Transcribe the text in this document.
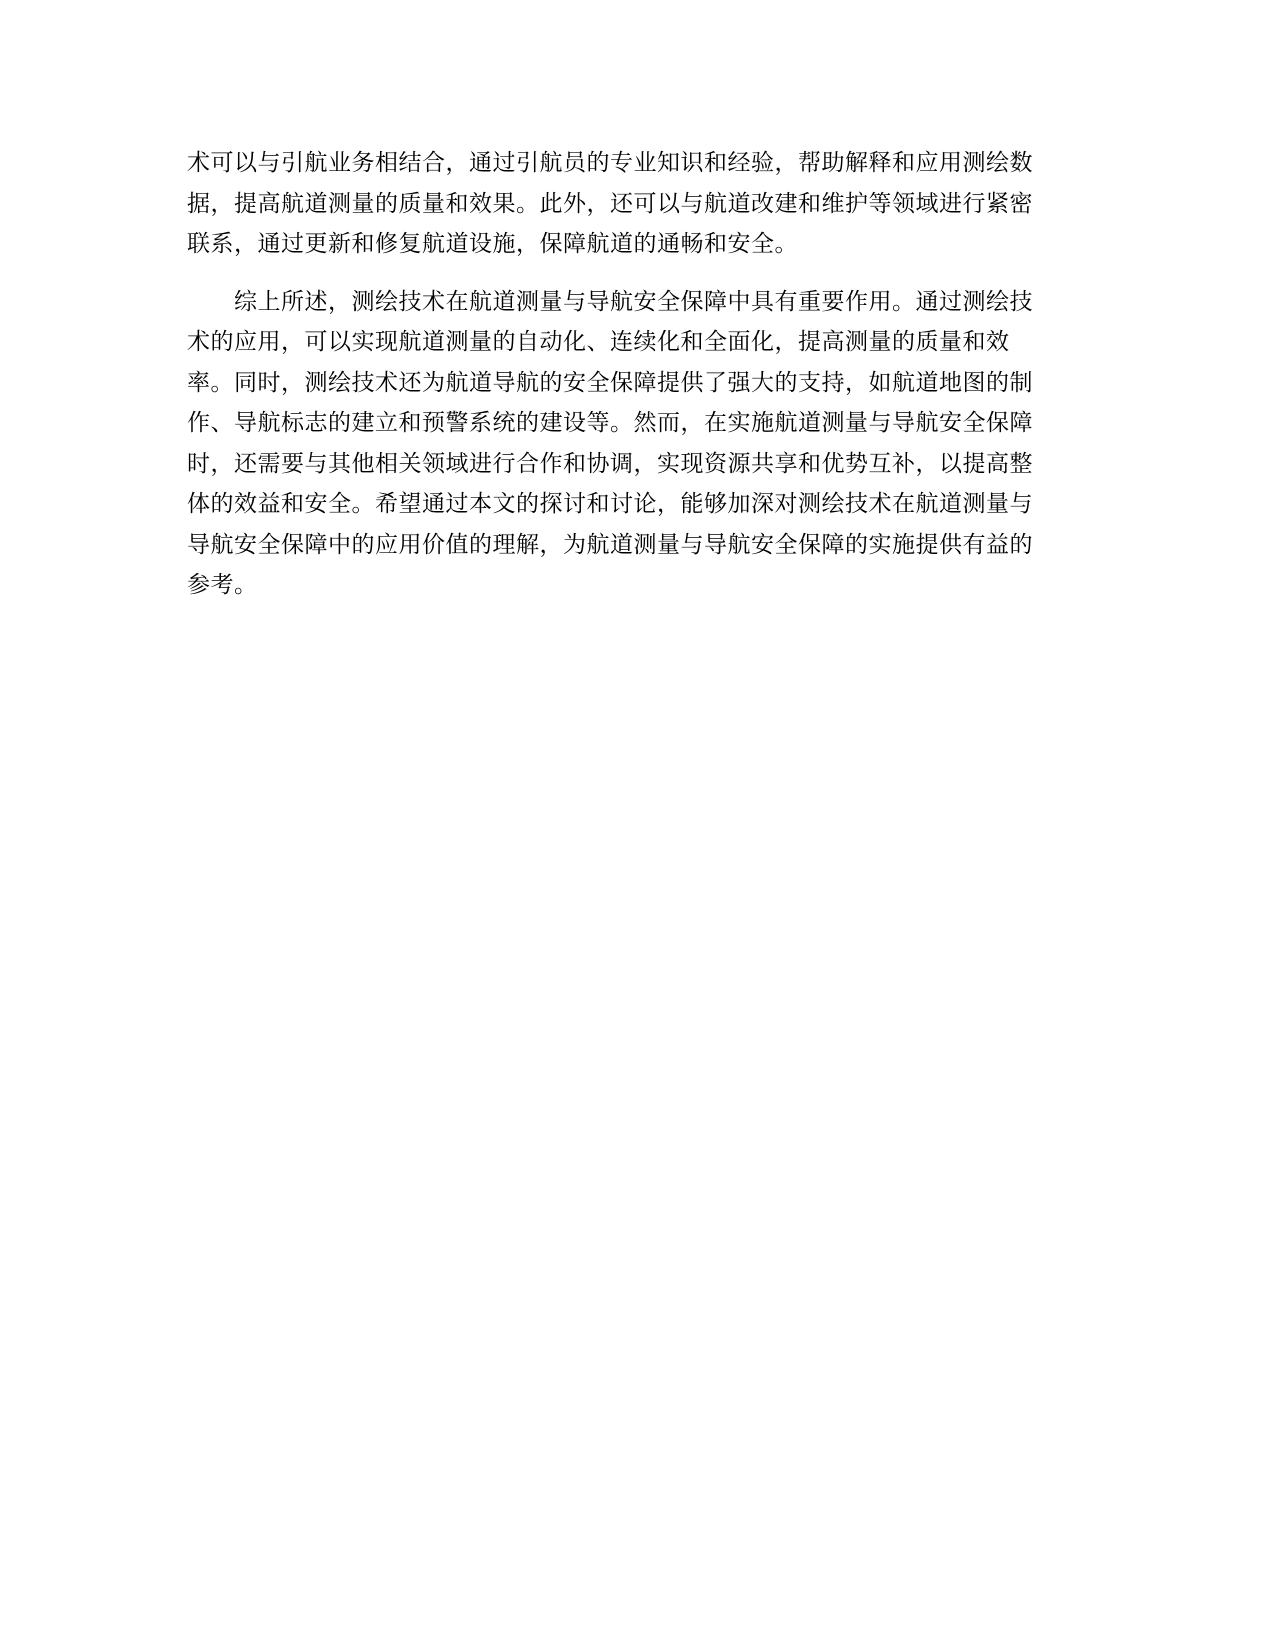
术可以与引航业务相结合，通过引航员的专业知识和经验，帮助解释和应用测绘数
据，提高航道测量的质量和效果。此外，还可以与航道改建和维护等领域进行紧密
联系，通过更新和修复航道设施，保障航道的通畅和安全。

综上所述，测绘技术在航道测量与导航安全保障中具有重要作用。通过测绘技
术的应用，可以实现航道测量的自动化、连续化和全面化，提高测量的质量和效
率。同时，测绘技术还为航道导航的安全保障提供了强大的支持，如航道地图的制
作、导航标志的建立和预警系统的建设等。然而，在实施航道测量与导航安全保障
时，还需要与其他相关领域进行合作和协调，实现资源共享和优势互补，以提高整
体的效益和安全。希望通过本文的探讨和讨论，能够加深对测绘技术在航道测量与
导航安全保障中的应用价值的理解，为航道测量与导航安全保障的实施提供有益的
参考。
